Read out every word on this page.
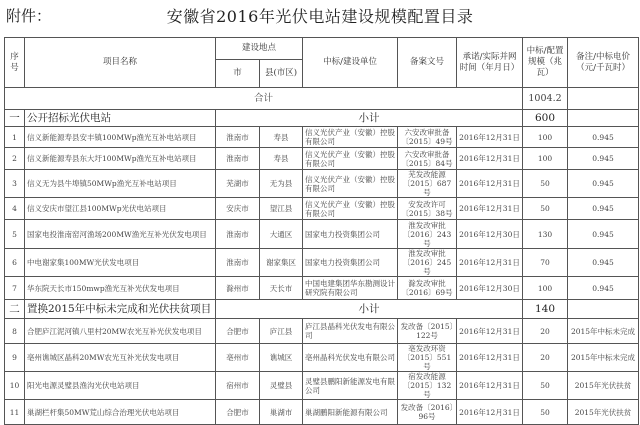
附件：	安徽省2016年光伏电站建设规模配置目录
序号	项目名称	建设地点		中标/建设单位	备案文号	承诺/实际并网时间（年月日）	中标/配置规模（兆瓦）	备注/中标电价（元/千瓦时）
		市	县(市区)					
合计							1004.2	
一	公开招标光伏电站	小计					600	
1	信义新能源寿县安丰镇100MWp渔光互补电站项目	淮南市	寿县	信义光伏产业（安徽）控股有限公司	六安改审批备〔2015〕49号	2016年12月31日	100	0.945
2	信义新能源寿县东大圩100MWp渔光互补电站项目	淮南市	寿县	信义光伏产业（安徽）控股有限公司	六安改审批备〔2015〕84号	2016年12月31日	100	0.945
3	信义无为县牛埠镇50MWp渔光互补电站项目	芜湖市	无为县	信义光伏产业（安徽）控股有限公司	芜发改能源〔2015〕687号	2016年12月31日	50	0.945
4	信义安庆市望江县100MWp光伏电站项目	安庆市	望江县	信义光伏产业（安徽）控股有限公司	安发改许可〔2015〕38号	2016年12月31日	50	0.945
5	国家电投淮南窑河渔场200MW渔光互补光伏发电项目	淮南市	大通区	国家电力投资集团公司	淮发改审批〔2016〕243号	2016年12月30日	130	0.945
6	中电谢家集100MW光伏发电项目	淮南市	谢家集区	国家电力投资集团公司	淮发改审批〔2016〕245号	2016年12月31日	70	0.945
7	华东院天长市150mwp渔光互补光伏发电项目	滁州市	天长市	中国电建集团华东勘测设计研究院有限公司	滁发改审批〔2016〕69号	2016年12月30日	100	0.945
二	置换2015年中标未完成和光伏扶贫项目	小计					140	
8	合肥庐江泥河镇八里村20MW农光互补光伏发电项目	合肥市	庐江县	庐江县晶科光伏发电有限公司	发改备〔2015〕122号	2016年12月31日	20	2015年中标未完成
9	亳州谯城区晶科20MW农光互补光伏发电项目	亳州市	谯城区	亳州晶科光伏发电有限公司	亳发改环资〔2015〕551号	2016年12月31日	20	2015年中标未完成
10	阳光电源灵璧县渔沟光伏电站项目	宿州市	灵璧县	灵璧县鹏阳新能源发电有限公司	宿发改能源〔2015〕132号	2016年12月31日	50	2015年光伏扶贫
11	巢湖栏杆集50MW荒山综合治理光伏电站项目	合肥市	巢湖市	巢湖鹏阳新能源有限公司	发改备〔2016〕96号	2016年12月31日	50	2015年光伏扶贫
